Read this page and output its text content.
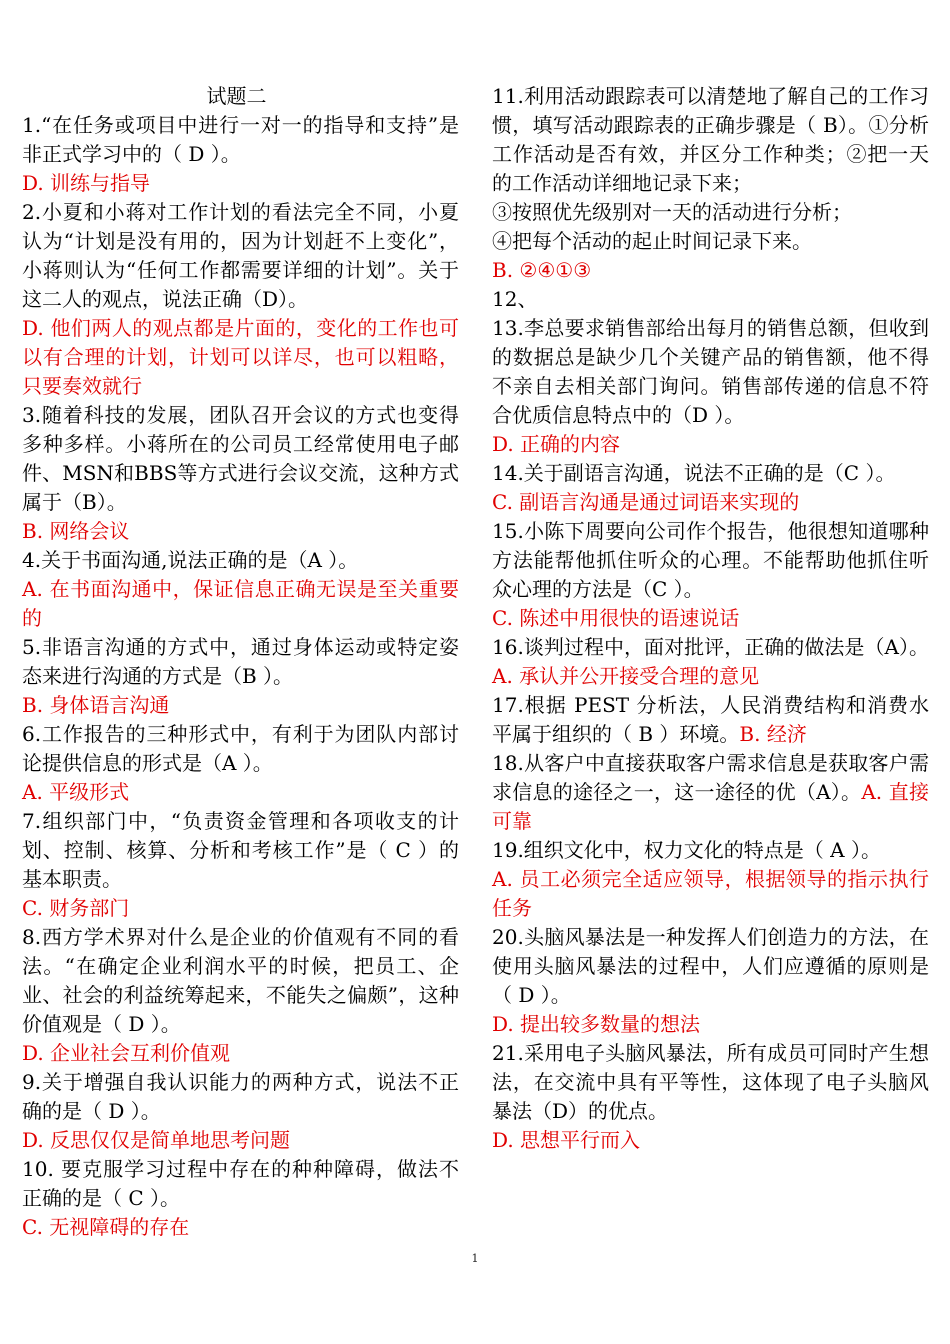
试题二

1.“在任务或项目中进行一对一的指导和支持”是非正式学习中的（ D ）。

D. 训练与指导

2.小夏和小蒋对工作计划的看法完全不同，小夏认为“计划是没有用的，因为计划赶不上变化”，小蒋则认为“任何工作都需要详细的计划”。关于这二人的观点，说法正确（D）。

D. 他们两人的观点都是片面的，变化的工作也可以有合理的计划，计划可以详尽，也可以粗略，只要奏效就行

3.随着科技的发展，团队召开会议的方式也变得多种多样。小蒋所在的公司员工经常使用电子邮件、MSN和BBS等方式进行会议交流，这种方式属于（B）。

B. 网络会议

4.关于书面沟通,说法正确的是（A ）。

A. 在书面沟通中，保证信息正确无误是至关重要的

5.非语言沟通的方式中，通过身体运动或特定姿态来进行沟通的方式是（B ）。

B. 身体语言沟通

6.工作报告的三种形式中，有利于为团队内部讨论提供信息的形式是（A ）。

A. 平级形式

7.组织部门中，“负责资金管理和各项收支的计划、控制、核算、分析和考核工作”是（ C ）的基本职责。

C. 财务部门

8.西方学术界对什么是企业的价值观有不同的看法。“在确定企业利润水平的时候，把员工、企业、社会的利益统筹起来，不能失之偏颇”，这种价值观是（ D ）。

D. 企业社会互利价值观

9.关于增强自我认识能力的两种方式，说法不正确的是（ D ）。

D. 反思仅仅是简单地思考问题

10. 要克服学习过程中存在的种种障碍，做法不正确的是（ C ）。

C. 无视障碍的存在

11.利用活动跟踪表可以清楚地了解自己的工作习惯，填写活动跟踪表的正确步骤是（ B）。①分析工作活动是否有效，并区分工作种类；②把一天的工作活动详细地记录下来；

③按照优先级别对一天的活动进行分析；

④把每个活动的起止时间记录下来。

B. ②④①③

12、

13.李总要求销售部给出每月的销售总额，但收到的数据总是缺少几个关键产品的销售额，他不得不亲自去相关部门询问。销售部传递的信息不符合优质信息特点中的（D ）。

D. 正确的内容

14.关于副语言沟通，说法不正确的是（C ）。

C. 副语言沟通是通过词语来实现的

15.小陈下周要向公司作个报告，他很想知道哪种方法能帮他抓住听众的心理。不能帮助他抓住听众心理的方法是（C ）。

C. 陈述中用很快的语速说话

16.谈判过程中，面对批评，正确的做法是（A）。A. 承认并公开接受合理的意见

17.根据 PEST 分析法，人民消费结构和消费水平属于组织的（ B ）环境。B. 经济

18.从客户中直接获取客户需求信息是获取客户需求信息的途径之一，这一途径的优（A）。A. 直接可靠

19.组织文化中，权力文化的特点是（ A ）。

A. 员工必须完全适应领导，根据领导的指示执行任务

20.头脑风暴法是一种发挥人们创造力的方法，在使用头脑风暴法的过程中，人们应遵循的原则是（ D ）。

D. 提出较多数量的想法

21.采用电子头脑风暴法，所有成员可同时产生想法，在交流中具有平等性，这体现了电子头脑风暴法（D）的优点。

D. 思想平行而入

1
